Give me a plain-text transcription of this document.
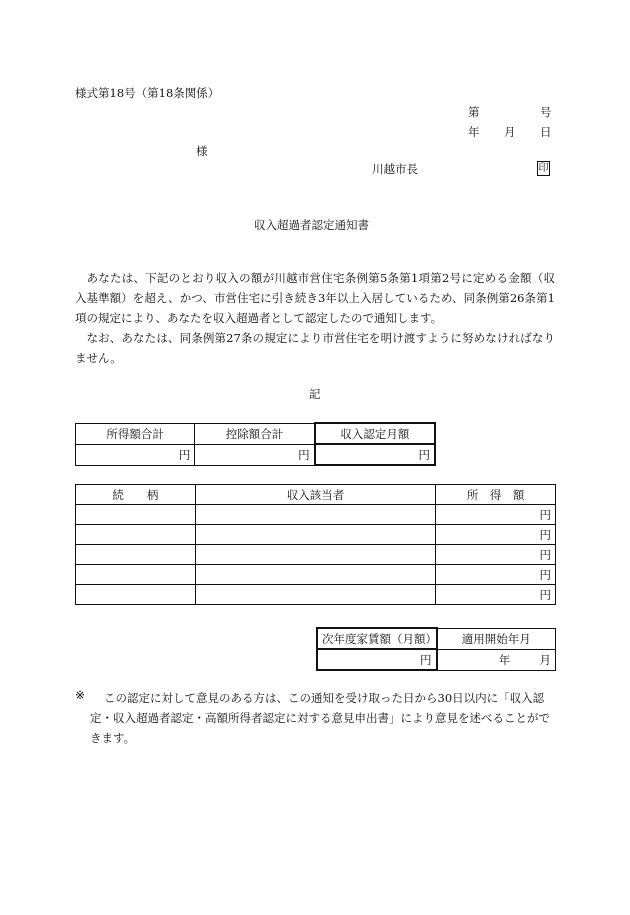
様式第18号（第18条関係）
第	号
年 月 日
様
川越市長	印
収入超過者認定通知書

あなたは、下記のとおり収入の額が川越市営住宅条例第5条第1項第2号に定める金額（収入基準額）を超え、かつ、市営住宅に引き続き3年以上入居しているため、同条例第26条第1項の規定により、あなたを収入超過者として認定したので通知します。

なお、あなたは、同条例第27条の規定により市営住宅を明け渡すように努めなければなりません。

記
所得額合計	控除額合計	収入認定月額
円	円	円
続　　柄	収入該当者	所　得　額
		円
		円
		円
		円
		円
次年度家賃額（月額）	適用開始年月
円	年 月
※	この認定に対して意見のある方は、この通知を受け取った日から30日以内に「収入認定・収入超過者認定・高額所得者認定に対する意見申出書」により意見を述べることができます。
